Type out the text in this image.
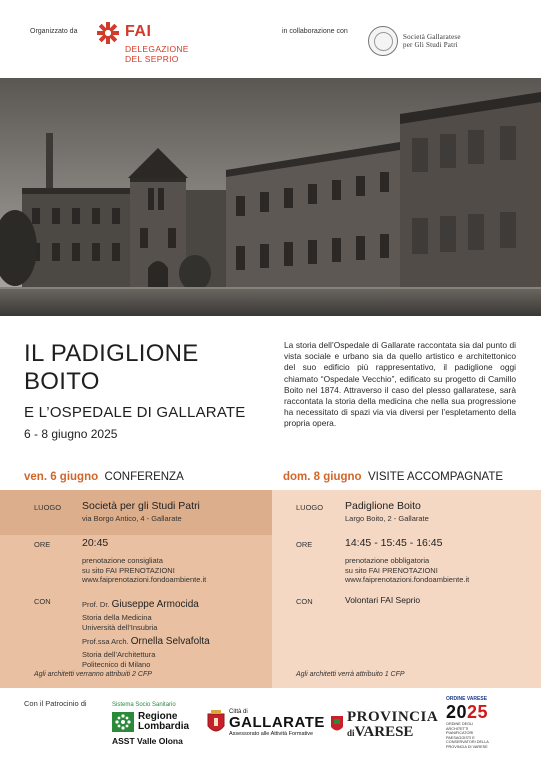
Organizzato da	FAI
DELEGAZIONE
DEL SEPRIO
in collaborazione con
Società Gallaratese
per Gli Studi Patri
IL PADIGLIONE
BOITO
E L’OSPEDALE DI GALLARATE
6 - 8 giugno 2025
La storia dell’Ospedale di Gallarate raccontata sia dal punto di vista sociale e urbano sia da quello artistico e architettonico del suo edificio più rappresentativo, il padiglione oggi chiamato “Ospedale Vecchio”, edificato su progetto di Camillo Boito nel 1874. Attraverso il caso del plesso gallaratese, sarà raccontata la storia della medicina che nella sua progressione ha necessitato di spazi via via diversi per l’espletamento della propria opera.
ven. 6 giugno CONFERENZA	dom. 8 giugno VISITE ACCOMPAGNATE
LUOGO Società per gli Studi Patri
via Borgo Antico, 4 - Gallarate
ORE	20:45
prenotazione consigliata
su sito FAI PRENOTAZIONI
www.faiprenotazioni.fondoambiente.it
CON	Prof. Dr. Giuseppe Armocida
Storia della Medicina
Università dell’Insubria
Prof.ssa Arch. Ornella Selvafolta
Storia dell’Architettura
Politecnico di Milano
Agli architetti verranno attribuiti 2 CFP
LUOGO Padiglione Boito
Largo Boito, 2 - Gallarate
ORE	14:45 - 15:45 - 16:45
prenotazione obbligatoria
su sito FAI PRENOTAZIONI
www.faiprenotazioni.fondoambiente.it
CON	Volontari FAI Seprio
Agli architetti verrà attribuito 1 CFP
Con il Patrocinio di	Sistema Socio Sanitario
Regione
Lombardia
ASST Valle Olona
Città di
GALLARATE
Assessorato alle Attività Formative
PROVINCIA
diVARESE
ORDINE VARESE
2025
ORDINE DEGLI ARCHITETTI PIANIFICATORI PAESAGGISTI E CONSERVATORI DELLA PROVINCIA DI VARESE
